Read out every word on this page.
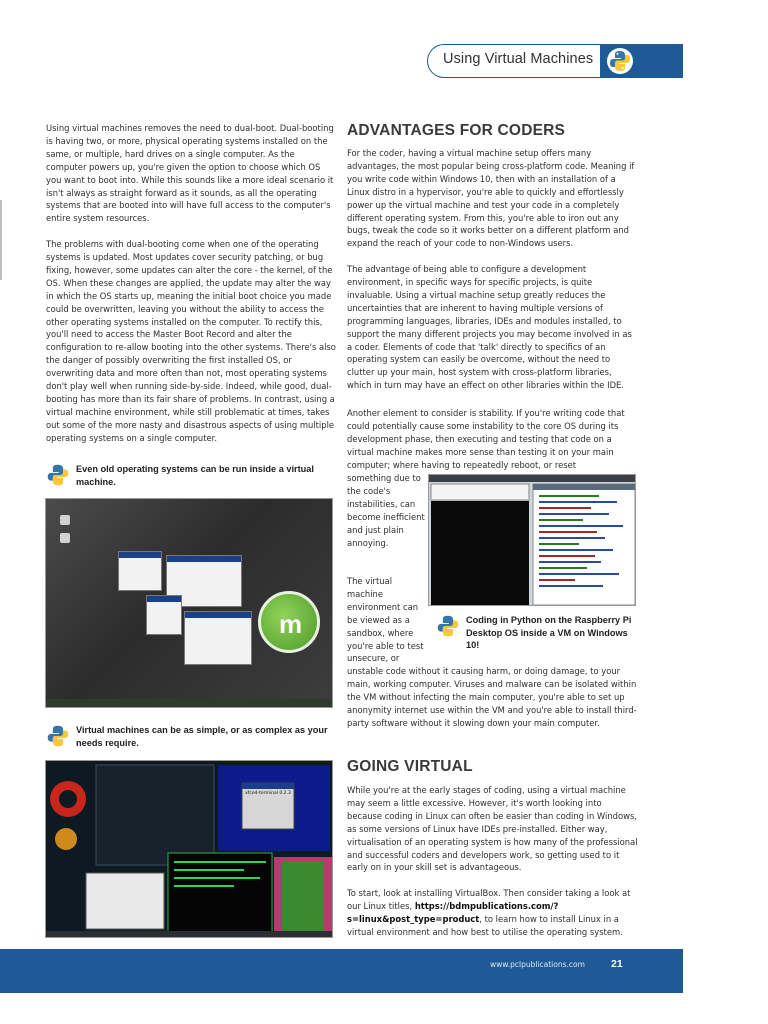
Using Virtual Machines

Using virtual machines removes the need to dual-boot. Dual-booting is having two, or more, physical operating systems installed on the same, or multiple, hard drives on a single computer. As the computer powers up, you're given the option to choose which OS you want to boot into. While this sounds like a more ideal scenario it isn't always as straight forward as it sounds, as all the operating systems that are booted into will have full access to the computer's entire system resources.

The problems with dual-booting come when one of the operating systems is updated. Most updates cover security patching, or bug fixing, however, some updates can alter the core - the kernel, of the OS. When these changes are applied, the update may alter the way in which the OS starts up, meaning the initial boot choice you made could be overwritten, leaving you without the ability to access the other operating systems installed on the computer. To rectify this, you'll need to access the Master Boot Record and alter the configuration to re-allow booting into the other systems. There's also the danger of possibly overwriting the first installed OS, or overwriting data and more often than not, most operating systems don't play well when running side-by-side. Indeed, while good, dual-booting has more than its fair share of problems. In contrast, using a virtual machine environment, while still problematic at times, takes out some of the more nasty and disastrous aspects of using multiple operating systems on a single computer.

Even old operating systems can be run inside a virtual machine.
m
Virtual machines can be as simple, or as complex as your needs require.
xfce4-terminal 0.2.3
ADVANTAGES FOR CODERS

For the coder, having a virtual machine setup offers many advantages, the most popular being cross-platform code. Meaning if you write code within Windows 10, then with an installation of a Linux distro in a hypervisor, you're able to quickly and effortlessly power up the virtual machine and test your code in a completely different operating system. From this, you're able to iron out any bugs, tweak the code so it works better on a different platform and expand the reach of your code to non-Windows users.

The advantage of being able to configure a development environment, in specific ways for specific projects, is quite invaluable. Using a virtual machine setup greatly reduces the uncertainties that are inherent to having multiple versions of programming languages, libraries, IDEs and modules installed, to support the many different projects you may become involved in as a coder. Elements of code that 'talk' directly to specifics of an operating system can easily be overcome, without the need to clutter up your main, host system with cross-platform libraries, which in turn may have an effect on other libraries within the IDE.

Another element to consider is stability. If you're writing code that could potentially cause some instability to the core OS during its development phase, then executing and testing that code on a virtual machine makes more sense than testing it on your main computer; where having to repeatedly reboot, or reset
something due to the code's instabilities, can become inefficient and just plain annoying.
The virtual machine environment can be viewed as a sandbox, where you're able to test unsecure, or
unstable code without it causing harm, or doing damage, to your main, working computer. Viruses and malware can be isolated within the VM without infecting the main computer, you're able to set up anonymity internet use within the VM and you're able to install third-party software without it slowing down your main computer.
Coding in Python on the Raspberry Pi Desktop OS inside a VM on Windows 10!
GOING VIRTUAL

While you're at the early stages of coding, using a virtual machine may seem a little excessive. However, it's worth looking into because coding in Linux can often be easier than coding in Windows, as some versions of Linux have IDEs pre-installed. Either way, virtualisation of an operating system is how many of the professional and successful coders and developers work, so getting used to it early on in your skill set is advantageous.

To start, look at installing VirtualBox. Then consider taking a look at our Linux titles, https://bdmpublications.com/?s=linux&post_type=product, to learn how to install Linux in a virtual environment and how best to utilise the operating system.

www.pclpublications.com 21
